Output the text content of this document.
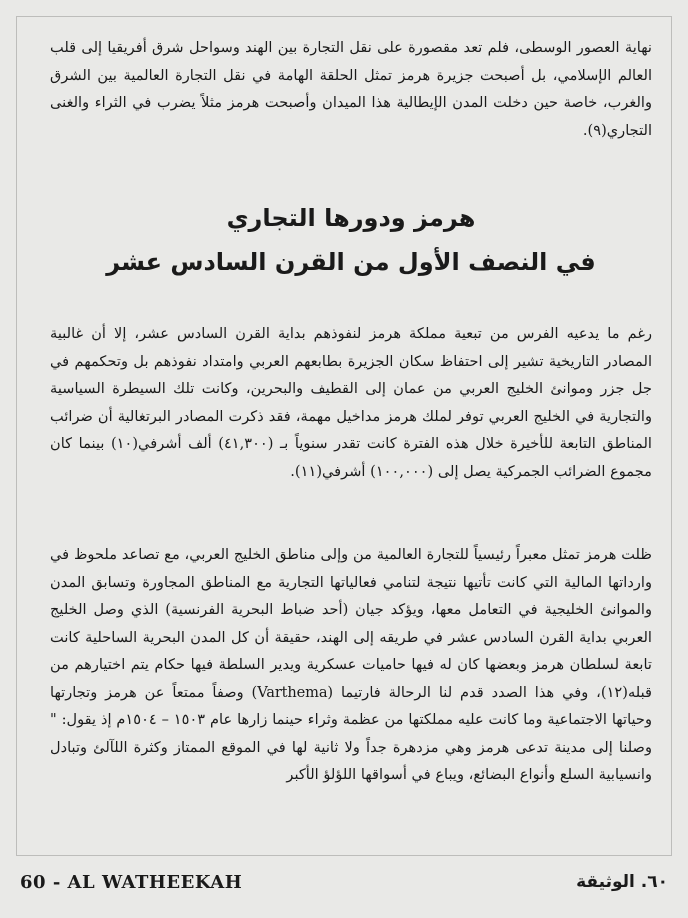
نهاية العصور الوسطى، فلم تعد مقصورة على نقل التجارة بين الهند وسواحل شرق أفريقيا إلى قلب العالم الإسلامي، بل أصبحت جزيرة هرمز تمثل الحلقة الهامة في نقل التجارة العالمية بين الشرق والغرب، خاصة حين دخلت المدن الإيطالية هذا الميدان وأصبحت هرمز مثلاً يضرب في الثراء والغنى التجاري(٩).

هرمز ودورها التجاري
في النصف الأول من القرن السادس عشر

رغم ما يدعيه الفرس من تبعية مملكة هرمز لنفوذهم بداية القرن السادس عشر، إلا أن غالبية المصادر التاريخية تشير إلى احتفاظ سكان الجزيرة بطابعهم العربي وامتداد نفوذهم بل وتحكمهم في جل جزر وموانئ الخليج العربي من عمان إلى القطيف والبحرين، وكانت تلك السيطرة السياسية والتجارية في الخليج العربي توفر لملك هرمز مداخيل مهمة، فقد ذكرت المصادر البرتغالية أن ضرائب المناطق التابعة للأخيرة خلال هذه الفترة كانت تقدر سنوياً بـ (٤١,٣٠٠) ألف أشرفي(١٠) بينما كان مجموع الضرائب الجمركية يصل إلى (١٠٠,٠٠٠) أشرفي(١١).

ظلت هرمز تمثل معبراً رئيسياً للتجارة العالمية من وإلى مناطق الخليج العربي، مع تصاعد ملحوظ في وارداتها المالية التي كانت تأتيها نتيجة لتنامي فعالياتها التجارية مع المناطق المجاورة وتسابق المدن والموانئ الخليجية في التعامل معها، ويؤكد جيان (أحد ضباط البحرية الفرنسية) الذي وصل الخليج العربي بداية القرن السادس عشر في طريقه إلى الهند، حقيقة أن كل المدن البحرية الساحلية كانت تابعة لسلطان هرمز وبعضها كان له فيها حاميات عسكرية ويدير السلطة فيها حكام يتم اختيارهم من قبله(١٢)، وفي هذا الصدد قدم لنا الرحالة فارتيما (Varthema) وصفاً ممتعاً عن هرمز وتجارتها وحياتها الاجتماعية وما كانت عليه مملكتها من عظمة وثراء حينما زارها عام ١٥٠٣ – ١٥٠٤م إذ يقول: " وصلنا إلى مدينة تدعى هرمز وهي مزدهرة جداً ولا ثانية لها في الموقع الممتاز وكثرة اللآلئ وتبادل وانسيابية السلع وأنواع البضائع، ويباع في أسواقها اللؤلؤ الأكبر

60 - AL WATHEEKAH	٦٠. الوثيقة
